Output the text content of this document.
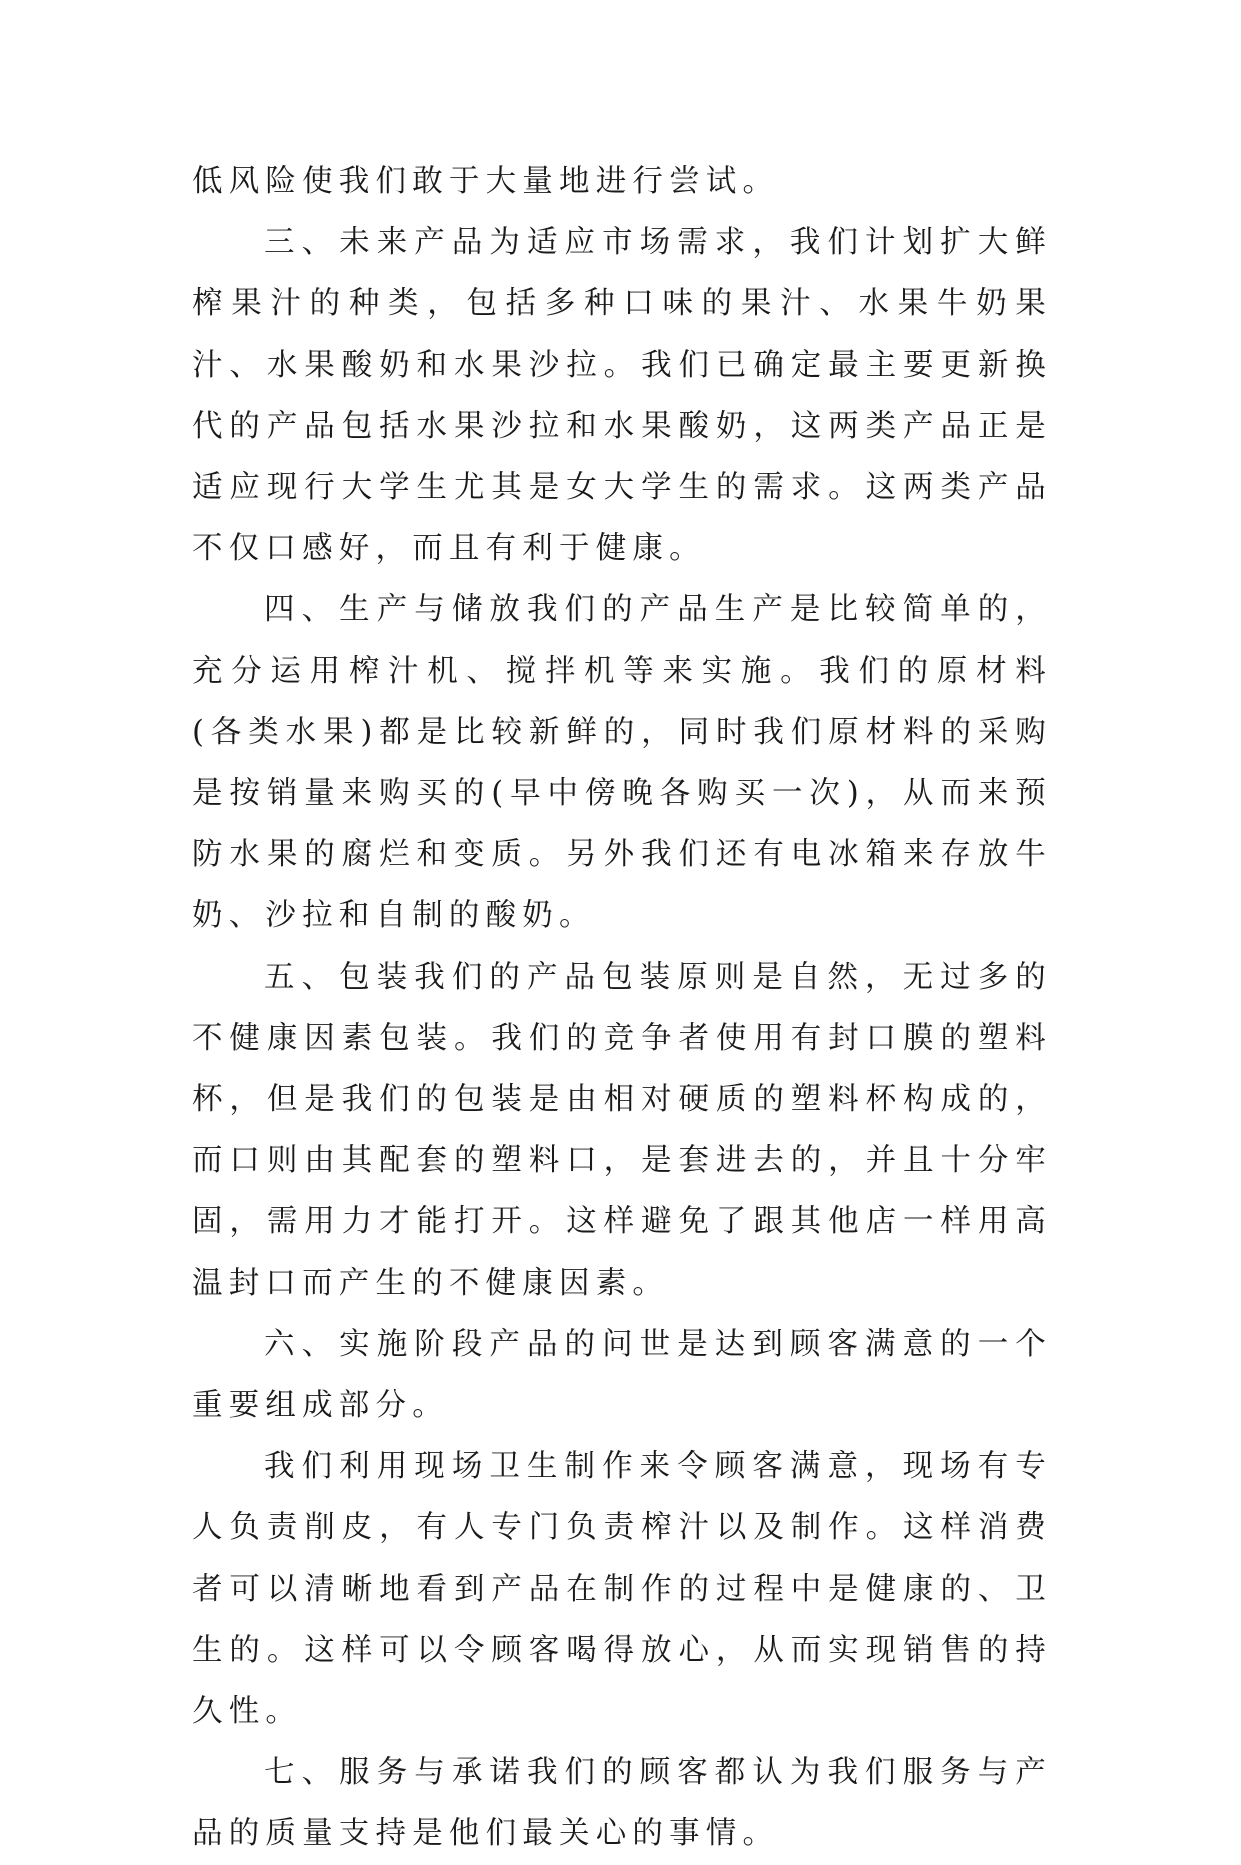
低风险使我们敢于大量地进行尝试。

三、未来产品为适应市场需求，我们计划扩大鲜榨果汁的种类，包括多种口味的果汁、水果牛奶果汁、水果酸奶和水果沙拉。我们已确定最主要更新换代的产品包括水果沙拉和水果酸奶，这两类产品正是适应现行大学生尤其是女大学生的需求。这两类产品不仅口感好，而且有利于健康。

四、生产与储放我们的产品生产是比较简单的，充分运用榨汁机、搅拌机等来实施。我们的原材料(各类水果)都是比较新鲜的，同时我们原材料的采购是按销量来购买的(早中傍晚各购买一次)，从而来预防水果的腐烂和变质。另外我们还有电冰箱来存放牛奶、沙拉和自制的酸奶。

五、包装我们的产品包装原则是自然，无过多的不健康因素包装。我们的竞争者使用有封口膜的塑料杯，但是我们的包装是由相对硬质的塑料杯构成的，而口则由其配套的塑料口，是套进去的，并且十分牢固，需用力才能打开。这样避免了跟其他店一样用高温封口而产生的不健康因素。

六、实施阶段产品的问世是达到顾客满意的一个重要组成部分。

我们利用现场卫生制作来令顾客满意，现场有专人负责削皮，有人专门负责榨汁以及制作。这样消费者可以清晰地看到产品在制作的过程中是健康的、卫生的。这样可以令顾客喝得放心，从而实现销售的持久性。

七、服务与承诺我们的顾客都认为我们服务与产品的质量支持是他们最关心的事情。
